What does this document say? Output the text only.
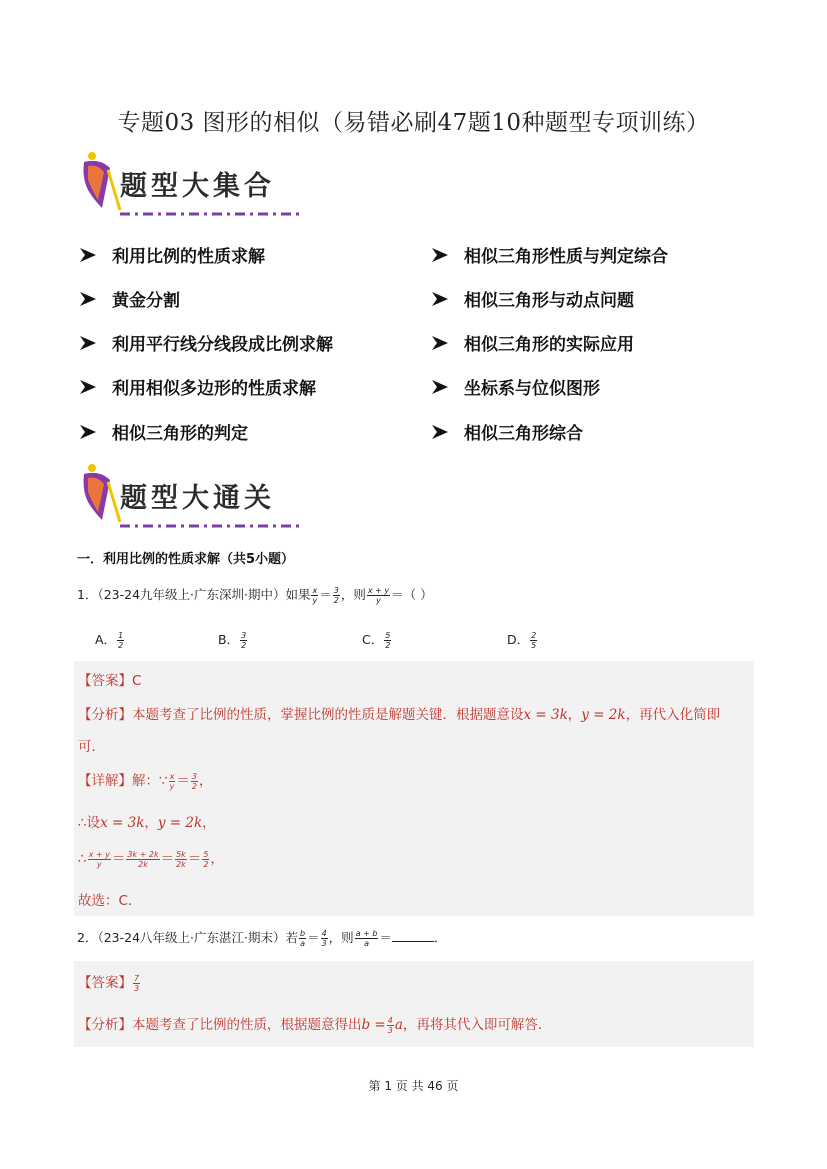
专题03 图形的相似（易错必刷47题10种题型专项训练）
题型大集合
利用比例的性质求解
黄金分割
利用平行线分线段成比例求解
利用相似多边形的性质求解
相似三角形的判定
相似三角形性质与判定综合
相似三角形与动点问题
相似三角形的实际应用
坐标系与位似图形
相似三角形综合
题型大通关
一．利用比例的性质求解（共5小题）
1．（23-24九年级上·广东深圳·期中）如果 $\frac{x}{y} = \frac{3}{2}$ ，则 $\frac{x + y}{y}$ ＝（ ）
A． $\frac{1}{2}$	B． $\frac{3}{2}$	C． $\frac{5}{2}$	D． $\frac{2}{5}$
【答案】C
【分析】本题考查了比例的性质，掌握比例的性质是解题关键．根据题意设x = 3k，y = 2k，再代入化简即
可．
【详解】解：∵ $\frac{x}{y} = \frac{3}{2}$ ，
∴设x = 3k，y = 2k，
∴ $\frac{x + y}{y} = \frac{3k + 2k}{2k} = \frac{5k}{2k} = \frac{5}{2}$ ，
故选：C．
2．（23-24八年级上·广东湛江·期末）若 $\frac{b}{a} = \frac{4}{3}$ ，则 $\frac{a + b}{a}$ ＝	．
【答案】 $\frac{7}{3}$
【分析】本题考查了比例的性质，根据题意得出$b = \frac{4}{3}$ a，再将其代入即可解答．
第 1 页 共 46 页
